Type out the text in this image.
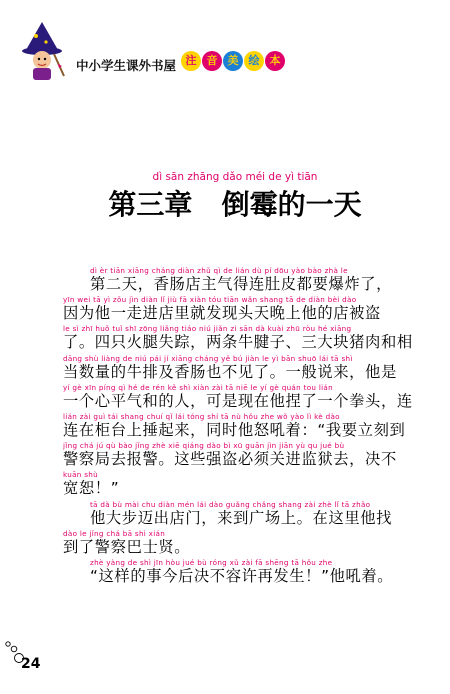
中小学生课外书屋 注 音 美 绘 本
dì sān zhāng dǎo méi de yì tiān
第三章 倒霉的一天
dì èr tiān xiāng cháng diàn zhǔ qì de lián dù pí dōu yào bào zhà le
第二天，香肠店主气得连肚皮都要爆炸了，
yīn wei tā yì zǒu jìn diàn lǐ jiù fā xiàn tóu tiān wǎn shang tā de diàn bèi dào
因为他一走进店里就发现头天晚上他的店被盗
le sì zhī huǒ tuǐ shī zōng liǎng tiáo niú jiǎn zi sān dà kuài zhū ròu hé xiāng
了。四只火腿失踪，两条牛腱子、三大块猪肉和相
dāng shù liàng de niú pái jí xiāng cháng yě bú jiàn le yì bān shuō lái tā shì
当数量的牛排及香肠也不见了。一般说来，他是
yí gè xīn píng qì hé de rén kě shì xiàn zài tā niē le yí gè quán tou lián
一个心平气和的人，可是现在他捏了一个拳头，连
lián zài guì tái shang chuí qǐ lái tóng shí tā nù hǒu zhe wǒ yào lì kè dào
连在柜台上捶起来，同时他怒吼着：“我要立刻到
jǐng chá jú qù bào jǐng zhè xiē qiáng dào bì xū guān jìn jiān yù qu jué bù
警察局去报警。这些强盗必须关进监狱去，决不
kuān shù
宽恕！”
tā dà bù mài chu diàn mén lái dào guǎng chǎng shang zài zhè lǐ tā zhǎo
他大步迈出店门，来到广场上。在这里他找
dào le jǐng chá bā shì xián
到了警察巴士贤。
zhè yàng de shì jīn hòu jué bù róng xǔ zài fā shēng tā hǒu zhe
“这样的事今后决不容许再发生！”他吼着。
24
